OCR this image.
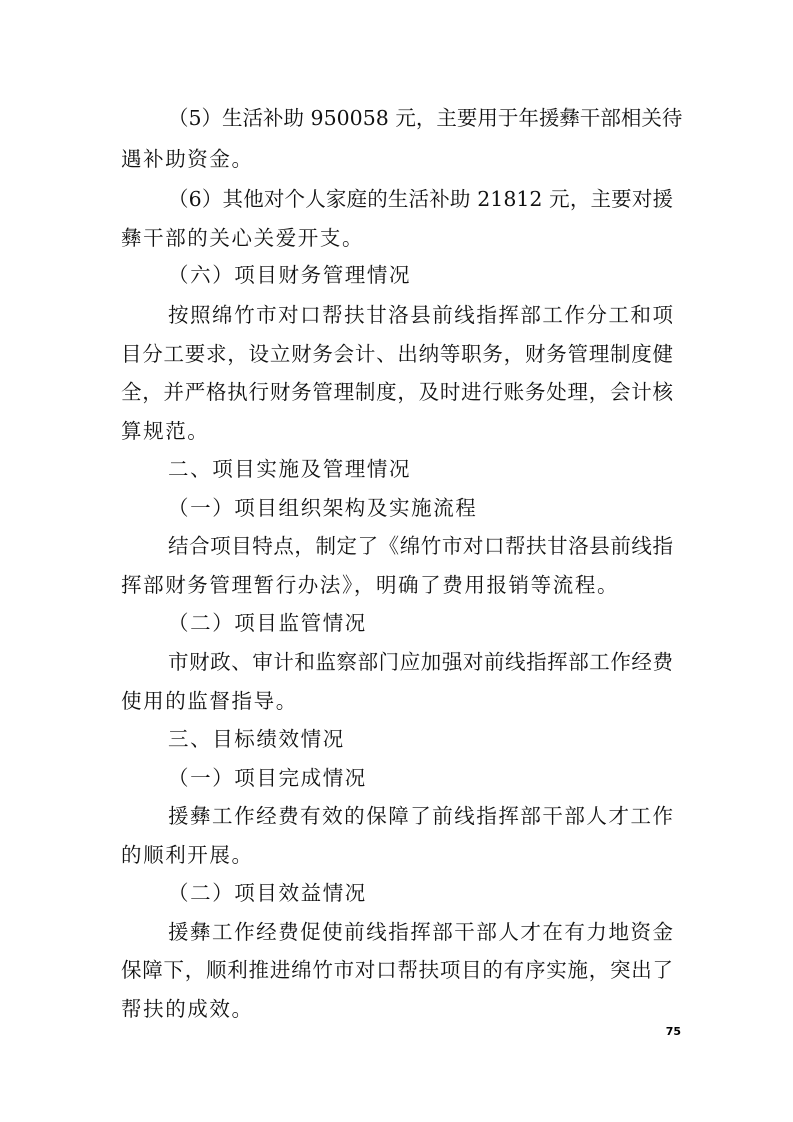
（5）生活补助 950058 元，主要用于年援彝干部相关待
遇补助资金。
（6）其他对个人家庭的生活补助 21812 元，主要对援
彝干部的关心关爱开支。
（六）项目财务管理情况
按照绵竹市对口帮扶甘洛县前线指挥部工作分工和项
目分工要求，设立财务会计、出纳等职务，财务管理制度健
全，并严格执行财务管理制度，及时进行账务处理，会计核
算规范。
二、项目实施及管理情况
（一）项目组织架构及实施流程
结合项目特点，制定了《绵竹市对口帮扶甘洛县前线指
挥部财务管理暂行办法》，明确了费用报销等流程。
（二）项目监管情况
市财政、审计和监察部门应加强对前线指挥部工作经费
使用的监督指导。
三、目标绩效情况
（一）项目完成情况
援彝工作经费有效的保障了前线指挥部干部人才工作
的顺利开展。
（二）项目效益情况
援彝工作经费促使前线指挥部干部人才在有力地资金
保障下，顺利推进绵竹市对口帮扶项目的有序实施，突出了
帮扶的成效。
75
